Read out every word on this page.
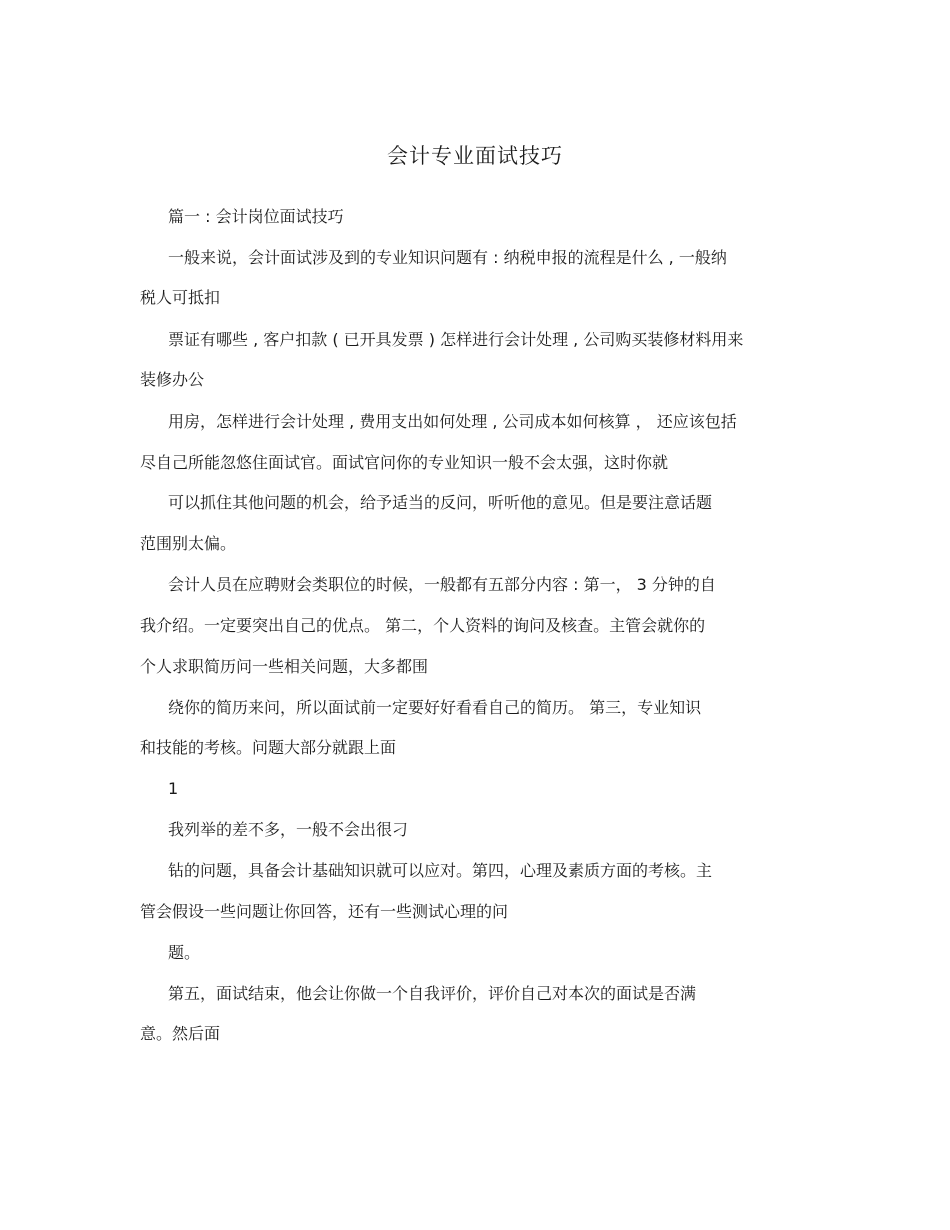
会计专业面试技巧
篇一 : 会计岗位面试技巧
一般来说，会计面试涉及到的专业知识问题有 : 纳税申报的流程是什么 , 一般纳
税人可抵扣
票证有哪些 , 客户扣款 ( 已开具发票 ) 怎样进行会计处理 , 公司购买装修材料用来
装修办公
用房，怎样进行会计处理 , 费用支出如何处理 , 公司成本如何核算 ， 还应该包括
尽自己所能忽悠住面试官。面试官问你的专业知识一般不会太强，这时你就
可以抓住其他问题的机会，给予适当的反问，听听他的意见。但是要注意话题
范围别太偏。
会计人员在应聘财会类职位的时候，一般都有五部分内容 : 第一， 3 分钟的自
我介绍。一定要突出自己的优点。 第二，个人资料的询问及核查。主管会就你的
个人求职简历问一些相关问题，大多都围
绕你的简历来问，所以面试前一定要好好看看自己的简历。 第三，专业知识
和技能的考核。问题大部分就跟上面
1
我列举的差不多，一般不会出很刁
钻的问题，具备会计基础知识就可以应对。第四，心理及素质方面的考核。主
管会假设一些问题让你回答，还有一些测试心理的问
题。
第五，面试结束，他会让你做一个自我评价，评价自己对本次的面试是否满
意。然后面
